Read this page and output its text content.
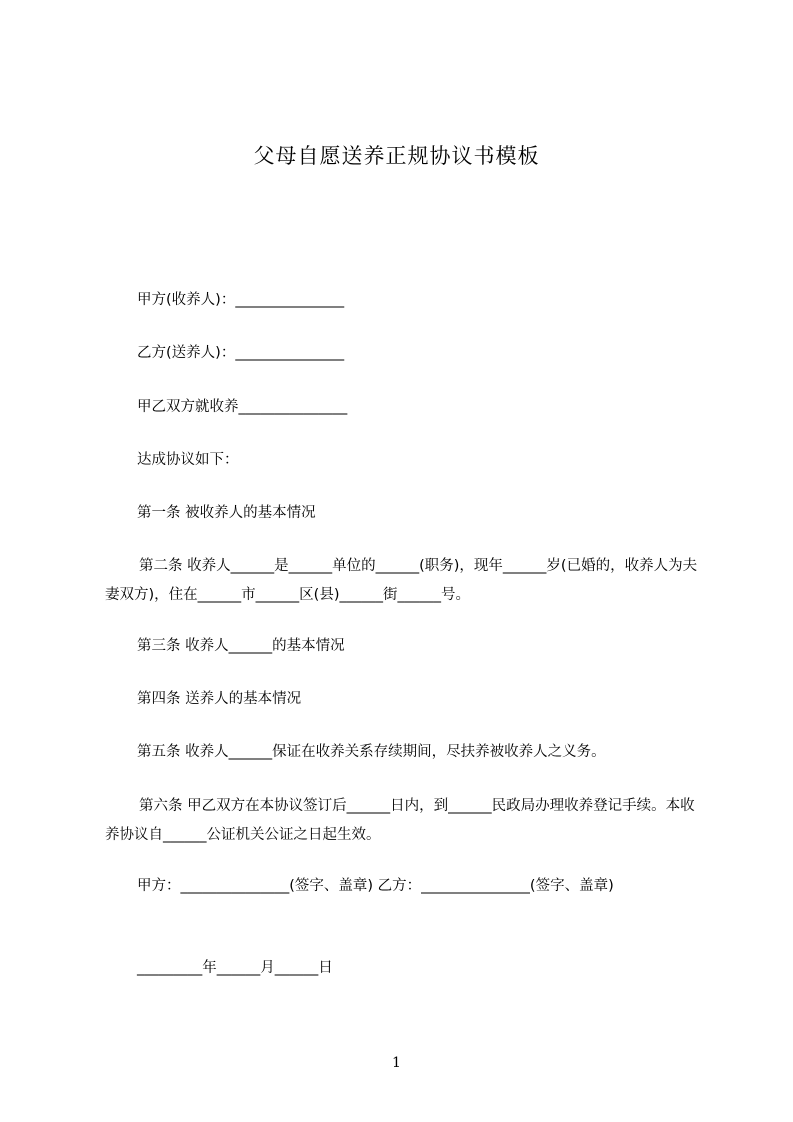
父母自愿送养正规协议书模板
甲方(收养人)：_______________
乙方(送养人)：_______________
甲乙双方就收养_______________
达成协议如下：
第一条 被收养人的基本情况
第二条 收养人______是______单位的______(职务)，现年______岁(已婚的，收养人为夫妻双方)，住在______市______区(县)______街______号。
第三条 收养人______的基本情况
第四条 送养人的基本情况
第五条 收养人______保证在收养关系存续期间，尽扶养被收养人之义务。
第六条 甲乙双方在本协议签订后______日内，到______民政局办理收养登记手续。本收养协议自______公证机关公证之日起生效。
甲方：_______________(签字、盖章) 乙方：_______________(签字、盖章)
_________年______月______日
1
